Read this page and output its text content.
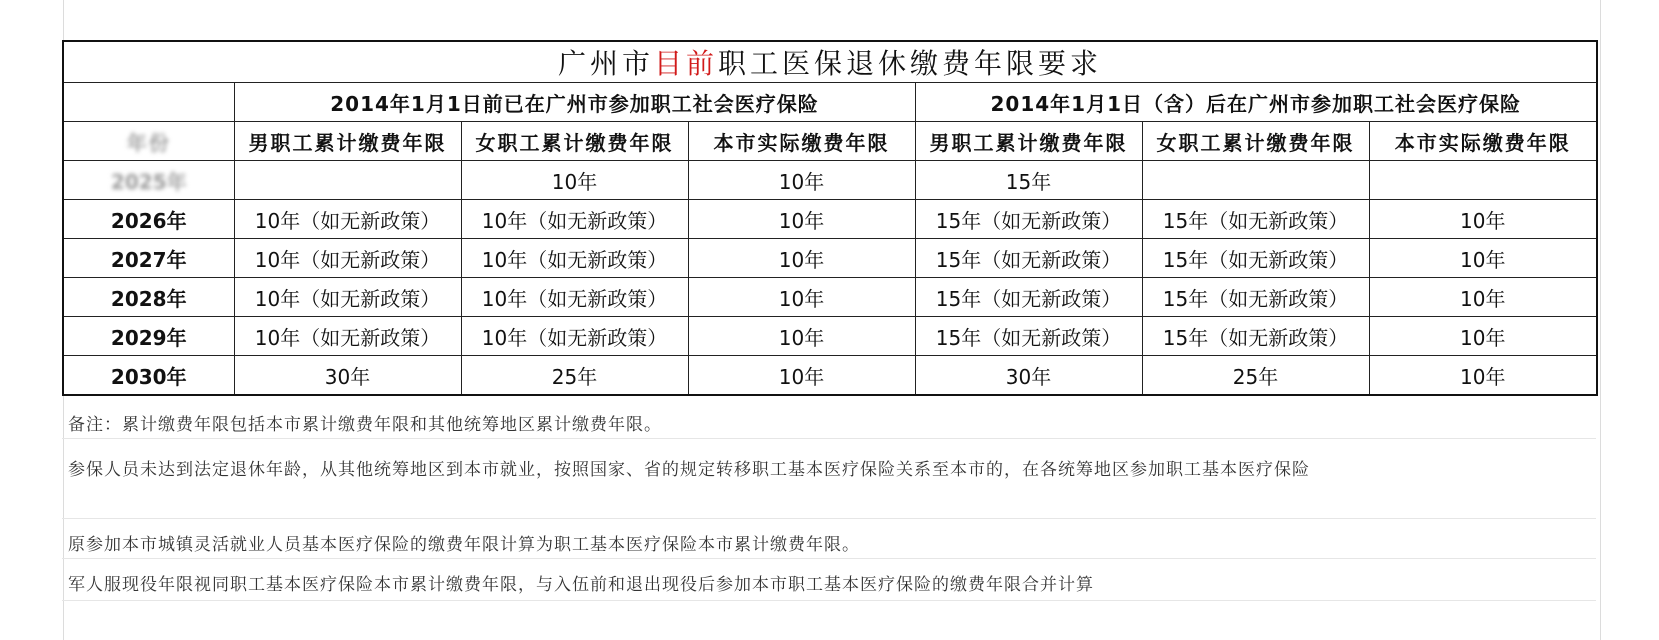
广州市目前职工医保退休缴费年限要求						
	2014年1月1日前已在广州市参加职工社会医疗保险			2014年1月1日（含）后在广州市参加职工社会医疗保险		
年份	男职工累计缴费年限	女职工累计缴费年限	本市实际缴费年限	男职工累计缴费年限	女职工累计缴费年限	本市实际缴费年限
2025年		10年	10年	15年		
2026年	10年（如无新政策）	10年（如无新政策）	10年	15年（如无新政策）	15年（如无新政策）	10年
2027年	10年（如无新政策）	10年（如无新政策）	10年	15年（如无新政策）	15年（如无新政策）	10年
2028年	10年（如无新政策）	10年（如无新政策）	10年	15年（如无新政策）	15年（如无新政策）	10年
2029年	10年（如无新政策）	10年（如无新政策）	10年	15年（如无新政策）	15年（如无新政策）	10年
2030年	30年	25年	10年	30年	25年	10年
备注：累计缴费年限包括本市累计缴费年限和其他统筹地区累计缴费年限。
参保人员未达到法定退休年龄，从其他统筹地区到本市就业，按照国家、省的规定转移职工基本医疗保险关系至本市的，在各统筹地区参加职工基本医疗保险
原参加本市城镇灵活就业人员基本医疗保险的缴费年限计算为职工基本医疗保险本市累计缴费年限。
军人服现役年限视同职工基本医疗保险本市累计缴费年限，与入伍前和退出现役后参加本市职工基本医疗保险的缴费年限合并计算
